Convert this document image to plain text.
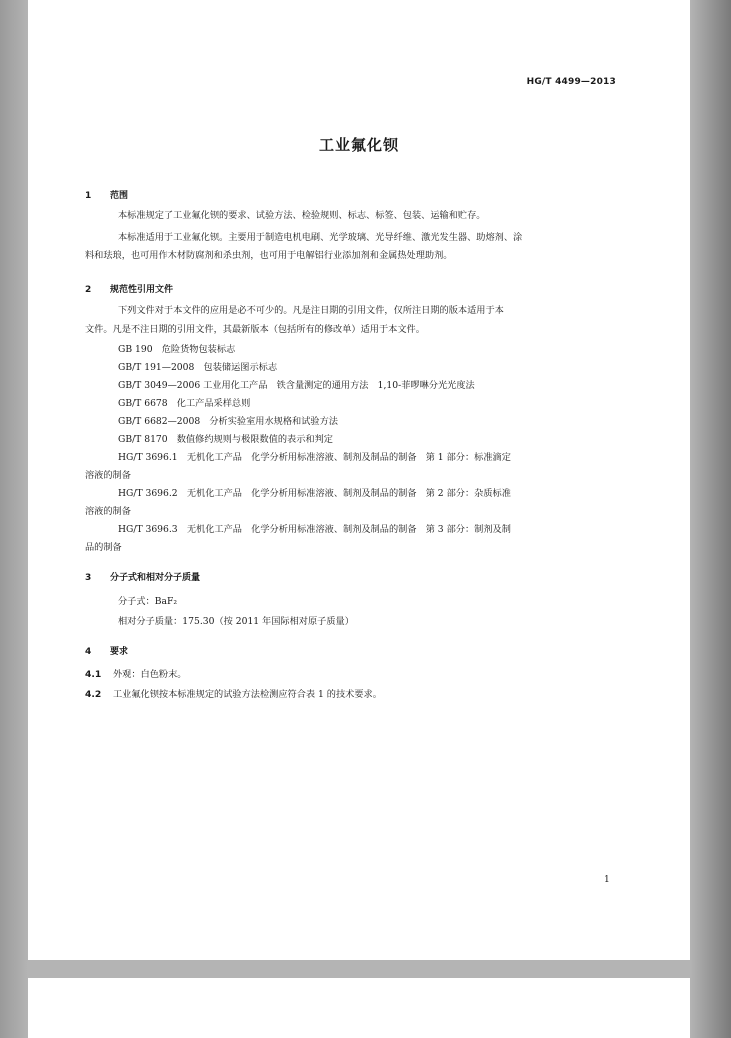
HG/T 4499—2013
工业氟化钡
1 范围
本标准规定了工业氟化钡的要求、试验方法、检验规则、标志、标签、包装、运输和贮存。
本标准适用于工业氟化钡。主要用于制造电机电刷、光学玻璃、光导纤维、激光发生器、助熔剂、涂
料和珐琅，也可用作木材防腐剂和杀虫剂，也可用于电解铝行业添加剂和金属热处理助剂。
2 规范性引用文件
下列文件对于本文件的应用是必不可少的。凡是注日期的引用文件，仅所注日期的版本适用于本
文件。凡是不注日期的引用文件，其最新版本（包括所有的修改单）适用于本文件。
GB 190　危险货物包装标志
GB/T 191—2008　包装储运图示标志
GB/T 3049—2006 工业用化工产品　铁含量测定的通用方法　1,10-菲啰啉分光光度法
GB/T 6678　化工产品采样总则
GB/T 6682—2008　分析实验室用水规格和试验方法
GB/T 8170　数值修约规则与极限数值的表示和判定
HG/T 3696.1　无机化工产品　化学分析用标准溶液、制剂及制品的制备　第 1 部分：标准滴定
溶液的制备
HG/T 3696.2　无机化工产品　化学分析用标准溶液、制剂及制品的制备　第 2 部分：杂质标准
溶液的制备
HG/T 3696.3　无机化工产品　化学分析用标准溶液、制剂及制品的制备　第 3 部分：制剂及制
品的制备
3 分子式和相对分子质量
分子式：BaF₂
相对分子质量：175.30（按 2011 年国际相对原子质量）
4 要求
4.1 外观：白色粉末。
4.2 工业氟化钡按本标准规定的试验方法检测应符合表 1 的技术要求。
1
